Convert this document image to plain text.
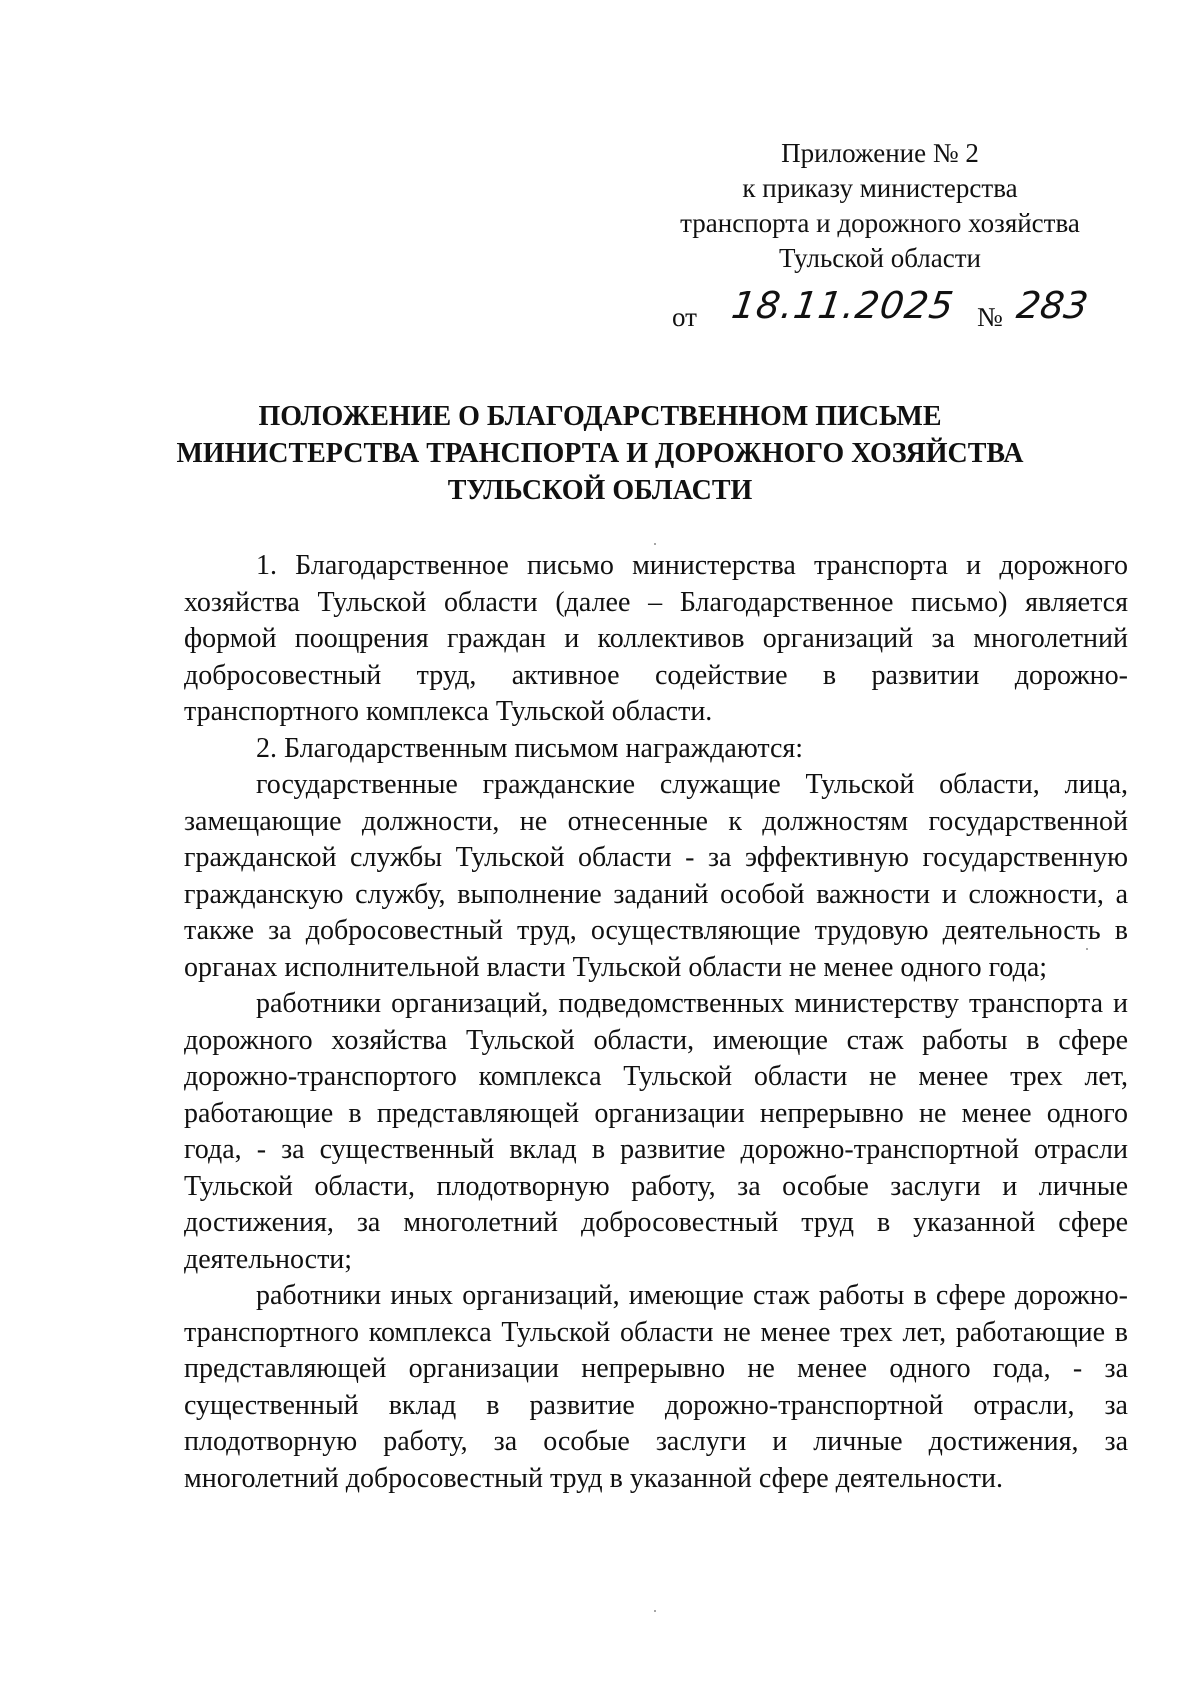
Приложение № 2
к приказу министерства
транспорта и дорожного хозяйства
Тульской области
от 18.11.2025 № 283
ПОЛОЖЕНИЕ О БЛАГОДАРСТВЕННОМ ПИСЬМЕ
МИНИСТЕРСТВА ТРАНСПОРТА И ДОРОЖНОГО ХОЗЯЙСТВА
ТУЛЬСКОЙ ОБЛАСТИ

1. Благодарственное письмо министерства транспорта и дорожного хозяйства Тульской области (далее – Благодарственное письмо) является формой поощрения граждан и коллективов организаций за многолетний добросовестный труд, активное содействие в развитии дорожно-транспортного комплекса Тульской области.

2. Благодарственным письмом награждаются:

государственные гражданские служащие Тульской области, лица, замещающие должности, не отнесенные к должностям государственной гражданской службы Тульской области - за эффективную государственную гражданскую службу, выполнение заданий особой важности и сложности, а также за добросовестный труд, осуществляющие трудовую деятельность в органах исполнительной власти Тульской области не менее одного года;

работники организаций, подведомственных министерству транспорта и дорожного хозяйства Тульской области, имеющие стаж работы в сфере дорожно-транспортого комплекса Тульской области не менее трех лет, работающие в представляющей организации непрерывно не менее одного года, - за существенный вклад в развитие дорожно-транспортной отрасли Тульской области, плодотворную работу, за особые заслуги и личные достижения, за многолетний добросовестный труд в указанной сфере деятельности;

работники иных организаций, имеющие стаж работы в сфере дорожно-транспортного комплекса Тульской области не менее трех лет, работающие в представляющей организации непрерывно не менее одного года, - за существенный вклад в развитие дорожно-транспортной отрасли, за плодотворную работу, за особые заслуги и личные достижения, за многолетний добросовестный труд в указанной сфере деятельности.
